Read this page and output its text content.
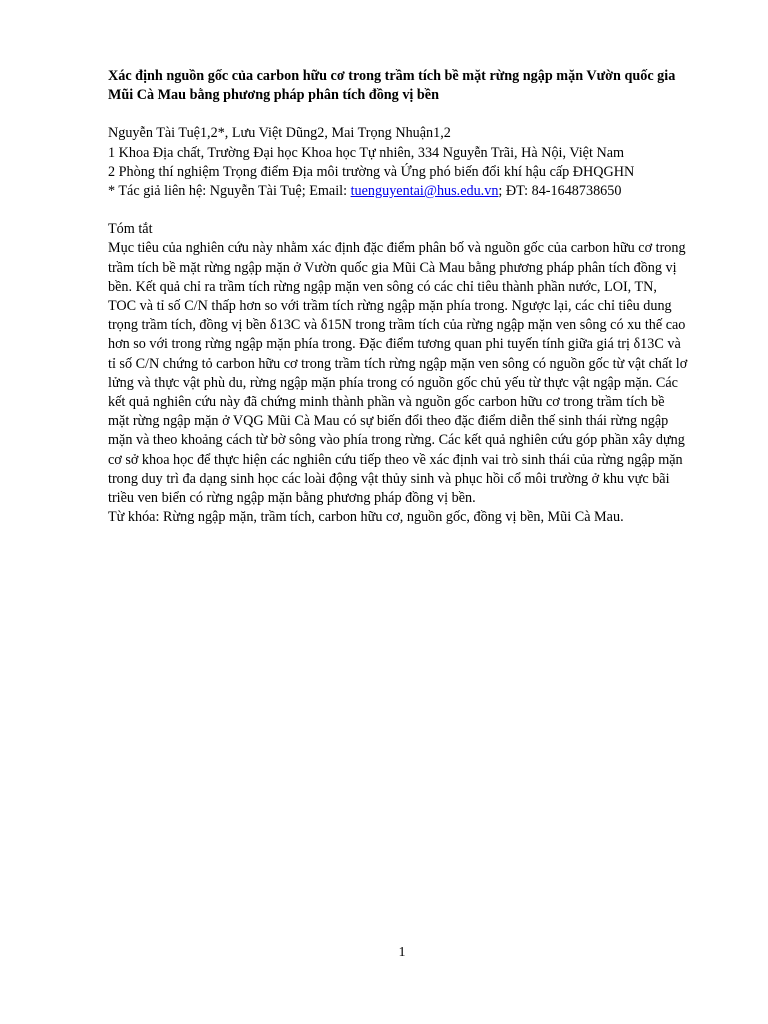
Xác định nguồn gốc của carbon hữu cơ trong trầm tích bề mặt rừng ngập mặn Vườn quốc gia Mũi Cà Mau bằng phương pháp phân tích đồng vị bền

Nguyễn Tài Tuệ1,2*, Lưu Việt Dũng2, Mai Trọng Nhuận1,2
1 Khoa Địa chất, Trường Đại học Khoa học Tự nhiên, 334 Nguyễn Trãi, Hà Nội, Việt Nam
2 Phòng thí nghiệm Trọng điểm Địa môi trường và Ứng phó biến đổi khí hậu cấp ĐHQGHN
* Tác giả liên hệ: Nguyễn Tài Tuệ; Email: tuenguyentai@hus.edu.vn; ĐT: 84-1648738650
Tóm tắt

Mục tiêu của nghiên cứu này nhằm xác định đặc điểm phân bố và nguồn gốc của carbon hữu cơ trong trầm tích bề mặt rừng ngập mặn ở Vườn quốc gia Mũi Cà Mau bằng phương pháp phân tích đồng vị bền. Kết quả chỉ ra trầm tích rừng ngập mặn ven sông có các chỉ tiêu thành phần nước, LOI, TN, TOC và tỉ số C/N thấp hơn so với trầm tích rừng ngập mặn phía trong. Ngược lại, các chỉ tiêu dung trọng trầm tích, đồng vị bền δ13C và δ15N trong trầm tích của rừng ngập mặn ven sông có xu thế cao hơn so với trong rừng ngập mặn phía trong. Đặc điểm tương quan phi tuyến tính giữa giá trị δ13C và tỉ số C/N chứng tỏ carbon hữu cơ trong trầm tích rừng ngập mặn ven sông có nguồn gốc từ vật chất lơ lửng và thực vật phù du, rừng ngập mặn phía trong có nguồn gốc chủ yếu từ thực vật ngập mặn. Các kết quả nghiên cứu này đã chứng minh thành phần và nguồn gốc carbon hữu cơ trong trầm tích bề mặt rừng ngập mặn ở VQG Mũi Cà Mau có sự biến đổi theo đặc điểm diễn thế sinh thái rừng ngập mặn và theo khoảng cách từ bờ sông vào phía trong rừng. Các kết quả nghiên cứu góp phần xây dựng cơ sở khoa học để thực hiện các nghiên cứu tiếp theo về xác định vai trò sinh thái của rừng ngập mặn trong duy trì đa dạng sinh học các loài động vật thủy sinh và phục hồi cổ môi trường ở khu vực bãi triều ven biển có rừng ngập mặn bằng phương pháp đồng vị bền.

Từ khóa: Rừng ngập mặn, trầm tích, carbon hữu cơ, nguồn gốc, đồng vị bền, Mũi Cà Mau.

1
